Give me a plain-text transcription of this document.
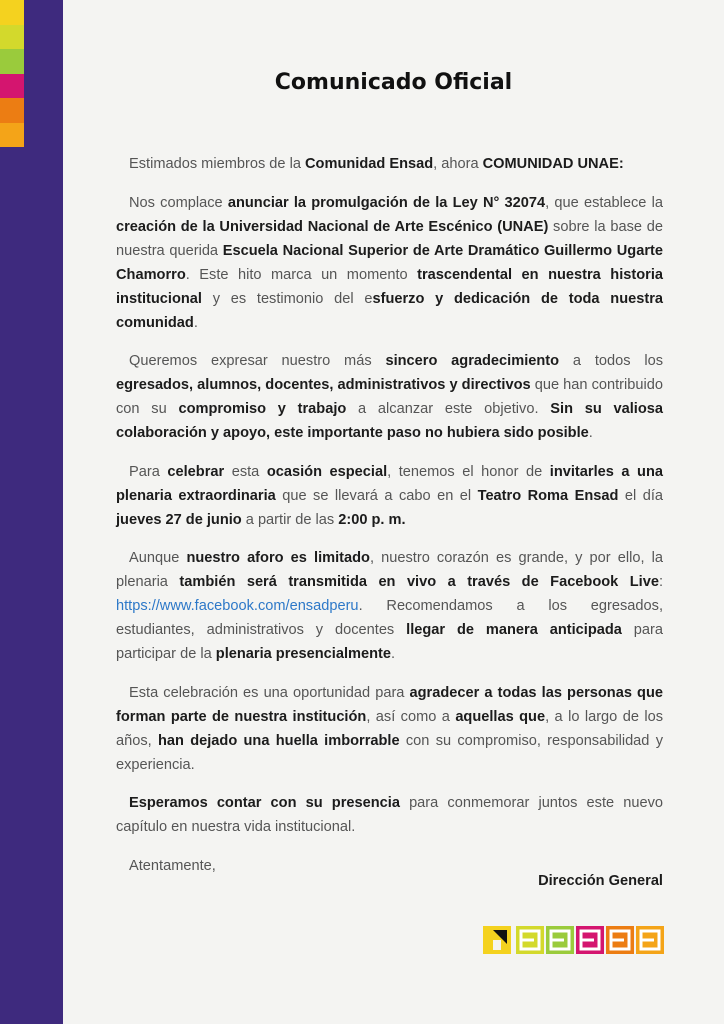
Comunicado Oficial

Estimados miembros de la Comunidad Ensad, ahora COMUNIDAD UNAE:

Nos complace anunciar la promulgación de la Ley N° 32074, que establece la creación de la Universidad Nacional de Arte Escénico (UNAE) sobre la base de nuestra querida Escuela Nacional Superior de Arte Dramático Guillermo Ugarte Chamorro. Este hito marca un momento trascendental en nuestra historia institucional y es testimonio del esfuerzo y dedicación de toda nuestra comunidad.

Queremos expresar nuestro más sincero agradecimiento a todos los egresados, alumnos, docentes, administrativos y directivos que han contribuido con su compromiso y trabajo a alcanzar este objetivo. Sin su valiosa colaboración y apoyo, este importante paso no hubiera sido posible.

Para celebrar esta ocasión especial, tenemos el honor de invitarles a una plenaria extraordinaria que se llevará a cabo en el Teatro Roma Ensad el día jueves 27 de junio a partir de las 2:00 p. m.

Aunque nuestro aforo es limitado, nuestro corazón es grande, y por ello, la plenaria también será transmitida en vivo a través de Facebook Live: https://www.facebook.com/ensadperu. Recomendamos a los egresados, estudiantes, administrativos y docentes llegar de manera anticipada para participar de la plenaria presencialmente.

Esta celebración es una oportunidad para agradecer a todas las personas que forman parte de nuestra institución, así como a aquellas que, a lo largo de los años, han dejado una huella imborrable con su compromiso, responsabilidad y experiencia.

Esperamos contar con su presencia para conmemorar juntos este nuevo capítulo en nuestra vida institucional.

Atentamente,

Dirección General
